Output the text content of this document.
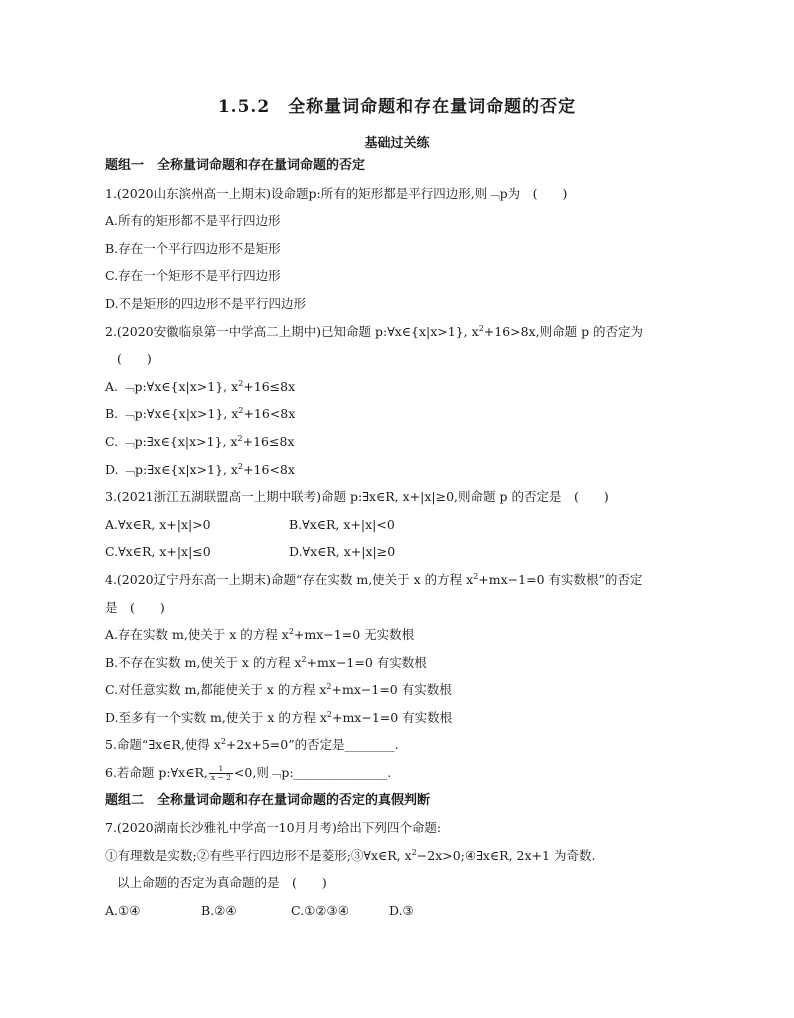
1.5.2　全称量词命题和存在量词命题的否定
基础过关练
题组一　全称量词命题和存在量词命题的否定
1.(2020山东滨州高一上期末)设命题p:所有的矩形都是平行四边形,则﹁p为　(　　)
A.所有的矩形都不是平行四边形
B.存在一个平行四边形不是矩形
C.存在一个矩形不是平行四边形
D.不是矩形的四边形不是平行四边形
2.(2020安徽临泉第一中学高二上期中)已知命题 p:∀x∈{x|x>1}, $x^2+16>8x$,则命题 p 的否定为
(　　)
A. ﹁p:∀x∈{x|x>1}, $x^2+16\le 8x$
B. ﹁p:∀x∈{x|x>1}, $x^2+16<8x$
C. ﹁p:∃x∈{x|x>1}, $x^2+16\le 8x$
D. ﹁p:∃x∈{x|x>1}, $x^2+16<8x$
3.(2021浙江五湖联盟高一上期中联考)命题 p:∃x∈R, x+|x|≥0,则命题 p 的否定是　(　　)
A.∀x∈R, x+|x|>0	B.∀x∈R, x+|x|<0
C.∀x∈R, x+|x|≤0	D.∀x∈R, x+|x|≥0
4.(2020辽宁丹东高一上期末)命题“存在实数 m,使关于 x 的方程 $x^2+mx-1=0$ 有实数根”的否定
是　(　　)
A.存在实数 m,使关于 x 的方程 $x^2+mx-1=0$ 无实数根
B.不存在实数 m,使关于 x 的方程 $x^2+mx-1=0$ 有实数根
C.对任意实数 m,都能使关于 x 的方程 $x^2+mx-1=0$ 有实数根
D.至多有一个实数 m,使关于 x 的方程 $x^2+mx-1=0$ 有实数根
5.命题“∃x∈R,使得 $x^2+2x+5=0$”的否定是________.
6.若命题 p:∀x∈R, $\frac{1}{x - 2} <0$,则﹁p:_______________.
题组二　全称量词命题和存在量词命题的否定的真假判断
7.(2020湖南长沙雅礼中学高一10月月考)给出下列四个命题:
①有理数是实数;②有些平行四边形不是菱形;③∀x∈R, $x^2-2x>0;④\exists x\in R$, 2x+1 为奇数.
以上命题的否定为真命题的是　(　　)
A.①④	B.②④	C.①②③④	D.③
